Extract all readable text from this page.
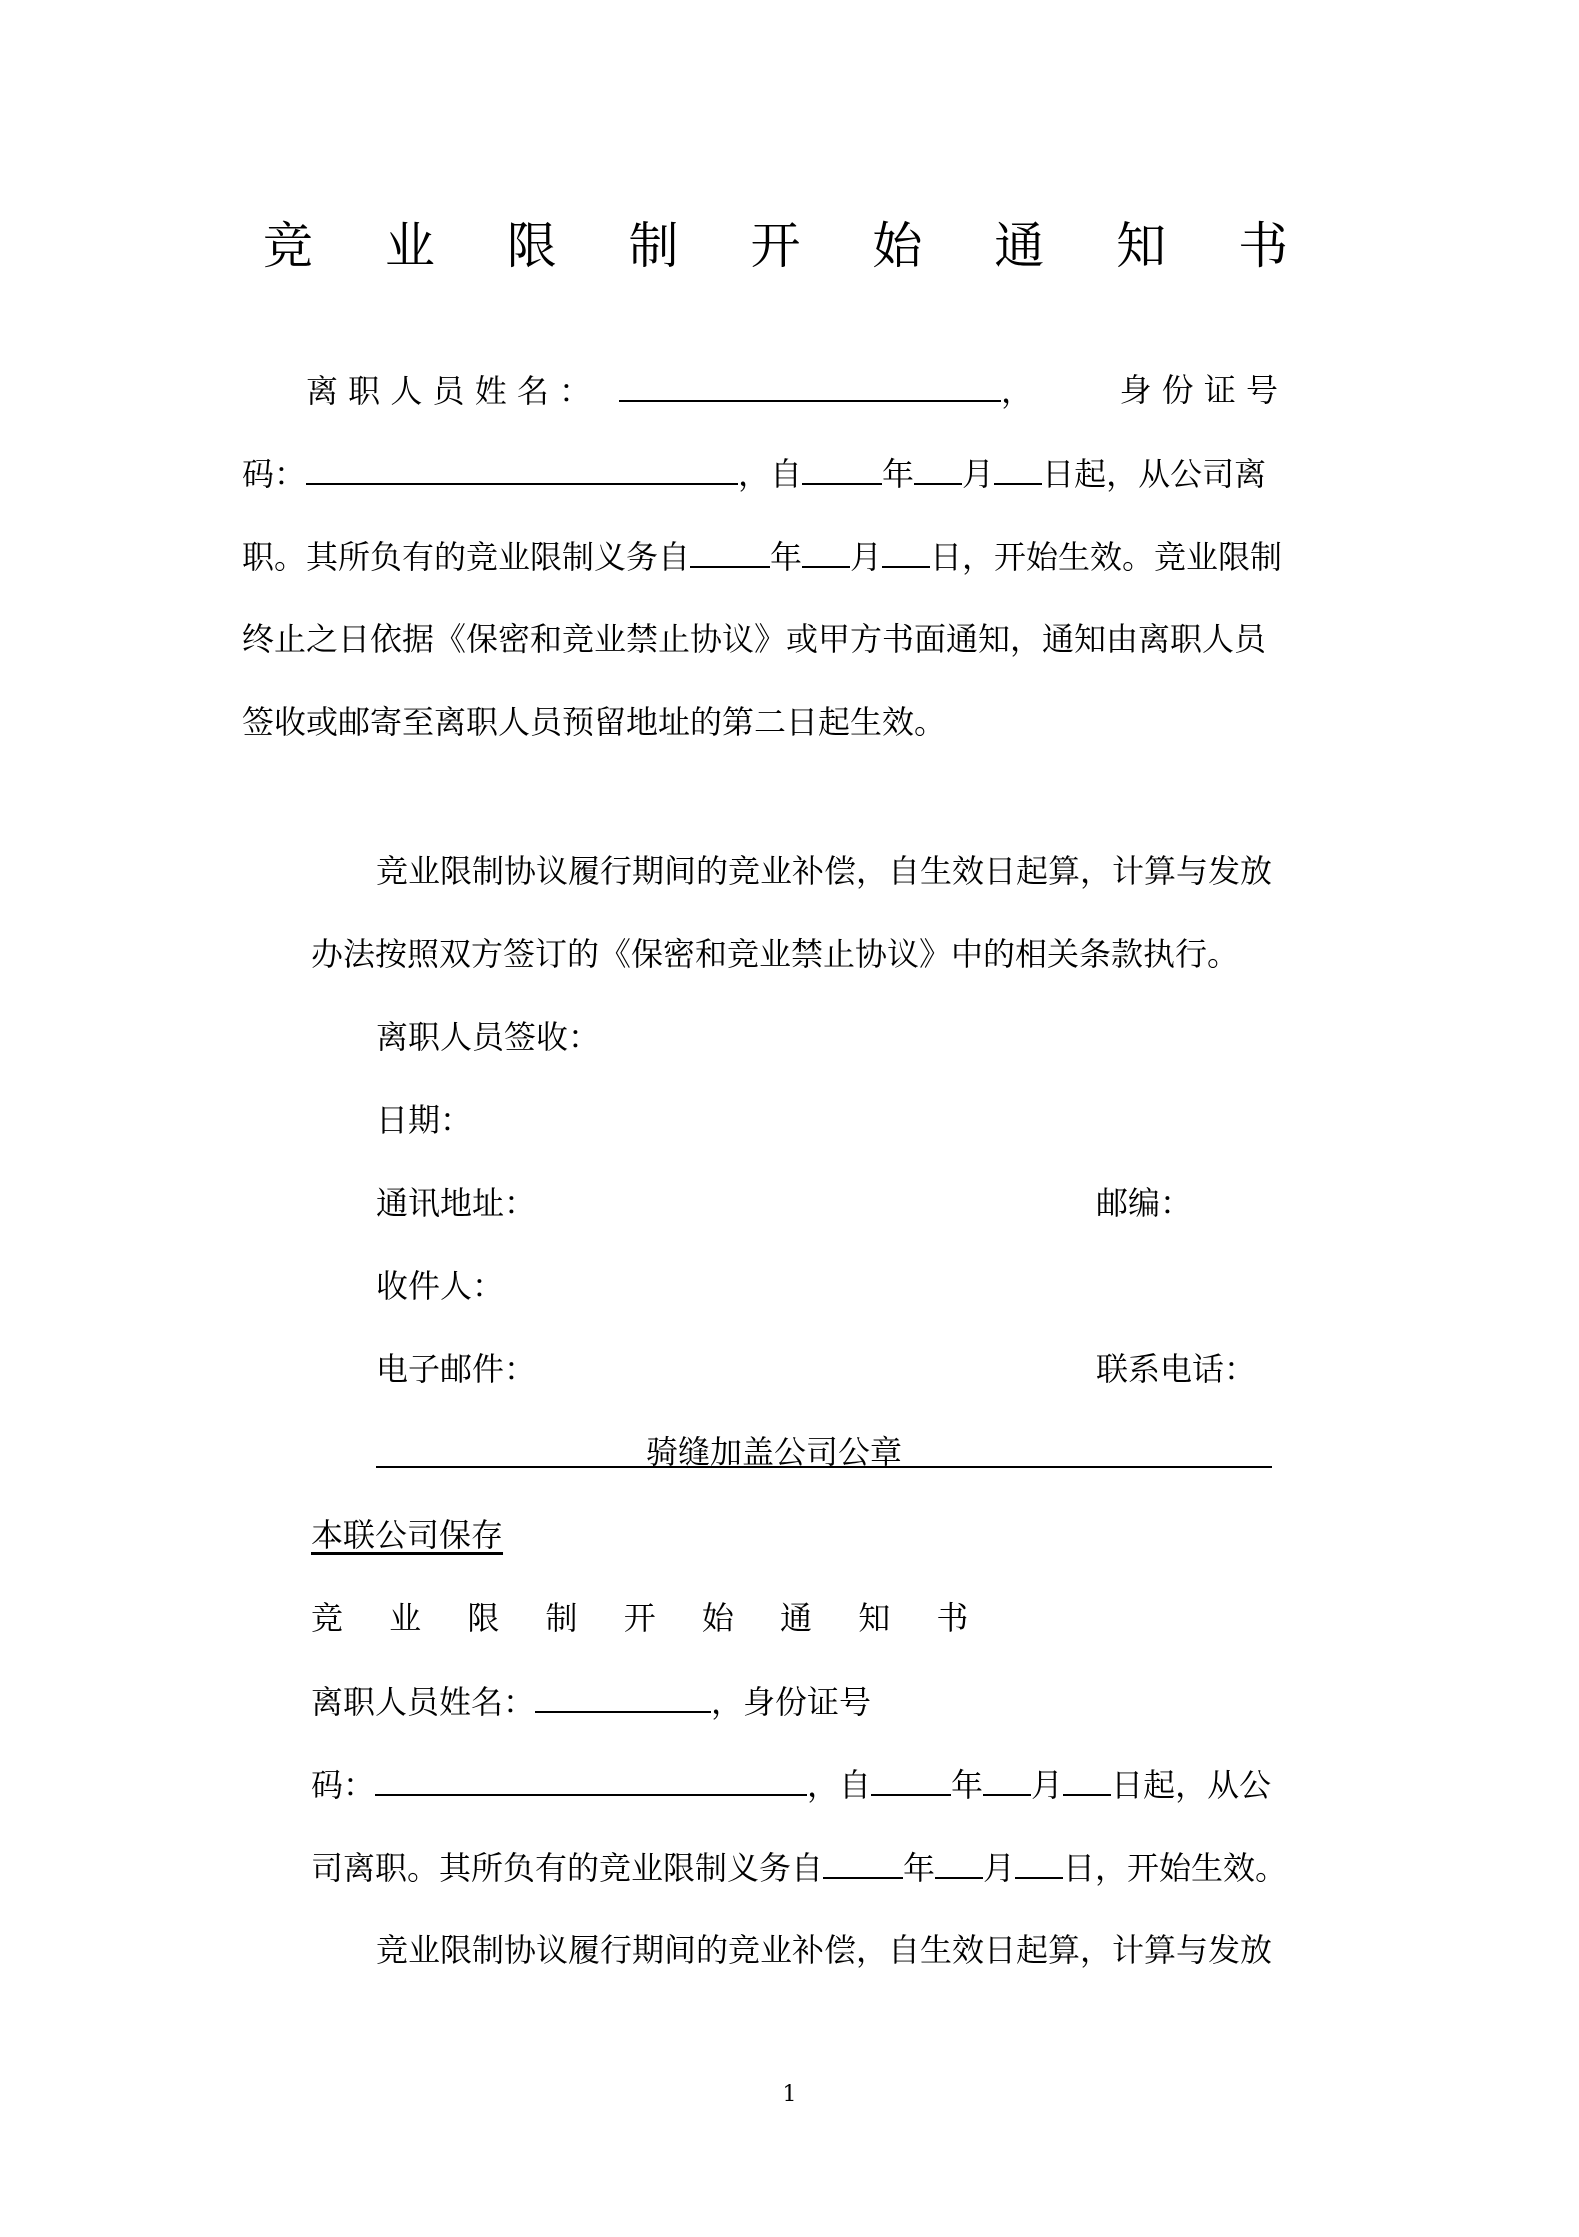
竞 业 限 制 开 始 通 知 书
离 职 人 员 姓 名 ：	，	身 份 证 号
码：	，自	年 月 日起，从公司离
职。其所负有的竞业限制义务自	年 月 日，开始生效。竞业限制
终止之日依据《保密和竞业禁止协议》或甲方书面通知，通知由离职人员
签收或邮寄至离职人员预留地址的第二日起生效。
竞业限制协议履行期间的竞业补偿，自生效日起算，计算与发放
办法按照双方签订的《保密和竞业禁止协议》中的相关条款执行。
离职人员签收：
日期：
通讯地址：	邮编：
收件人：
电子邮件：	联系电话：
骑缝加盖公司公章
本联公司保存
竞 业 限 制 开 始 通 知 书
离职人员姓名：	，身份证号
码：	，自	年 月 日起，从公
司离职。其所负有的竞业限制义务自	年 月 日，开始生效。
竞业限制协议履行期间的竞业补偿，自生效日起算，计算与发放
1
